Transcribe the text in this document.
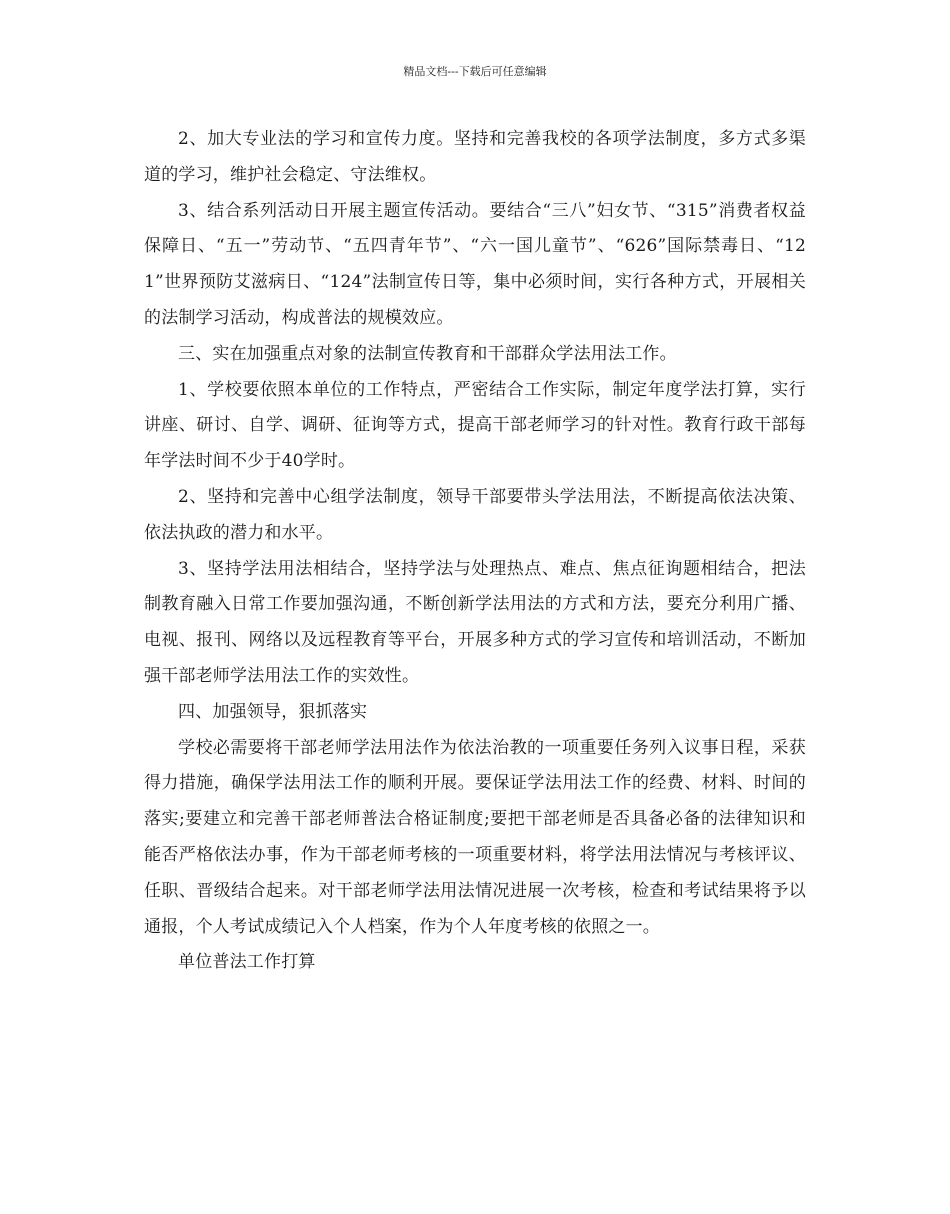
精品文档---下载后可任意编辑

2、加大专业法的学习和宣传力度。坚持和完善我校的各项学法制度，多方式多渠道的学习，维护社会稳定、守法维权。

3、结合系列活动日开展主题宣传活动。要结合“三八”妇女节、“315”消费者权益保障日、“五一”劳动节、“五四青年节”、“六一国儿童节”、“626”国际禁毒日、“121”世界预防艾滋病日、“124”法制宣传日等，集中必须时间，实行各种方式，开展相关的法制学习活动，构成普法的规模效应。

三、实在加强重点对象的法制宣传教育和干部群众学法用法工作。

1、学校要依照本单位的工作特点，严密结合工作实际，制定年度学法打算，实行讲座、研讨、自学、调研、征询等方式，提高干部老师学习的针对性。教育行政干部每年学法时间不少于40学时。

2、坚持和完善中心组学法制度，领导干部要带头学法用法，不断提高依法决策、依法执政的潜力和水平。

3、坚持学法用法相结合，坚持学法与处理热点、难点、焦点征询题相结合，把法制教育融入日常工作要加强沟通，不断创新学法用法的方式和方法，要充分利用广播、电视、报刊、网络以及远程教育等平台，开展多种方式的学习宣传和培训活动，不断加强干部老师学法用法工作的实效性。

四、加强领导，狠抓落实

学校必需要将干部老师学法用法作为依法治教的一项重要任务列入议事日程，采获得力措施，确保学法用法工作的顺利开展。要保证学法用法工作的经费、材料、时间的落实;要建立和完善干部老师普法合格证制度;要把干部老师是否具备必备的法律知识和能否严格依法办事，作为干部老师考核的一项重要材料，将学法用法情况与考核评议、任职、晋级结合起来。对干部老师学法用法情况进展一次考核，检查和考试结果将予以通报，个人考试成绩记入个人档案，作为个人年度考核的依照之一。

单位普法工作打算
